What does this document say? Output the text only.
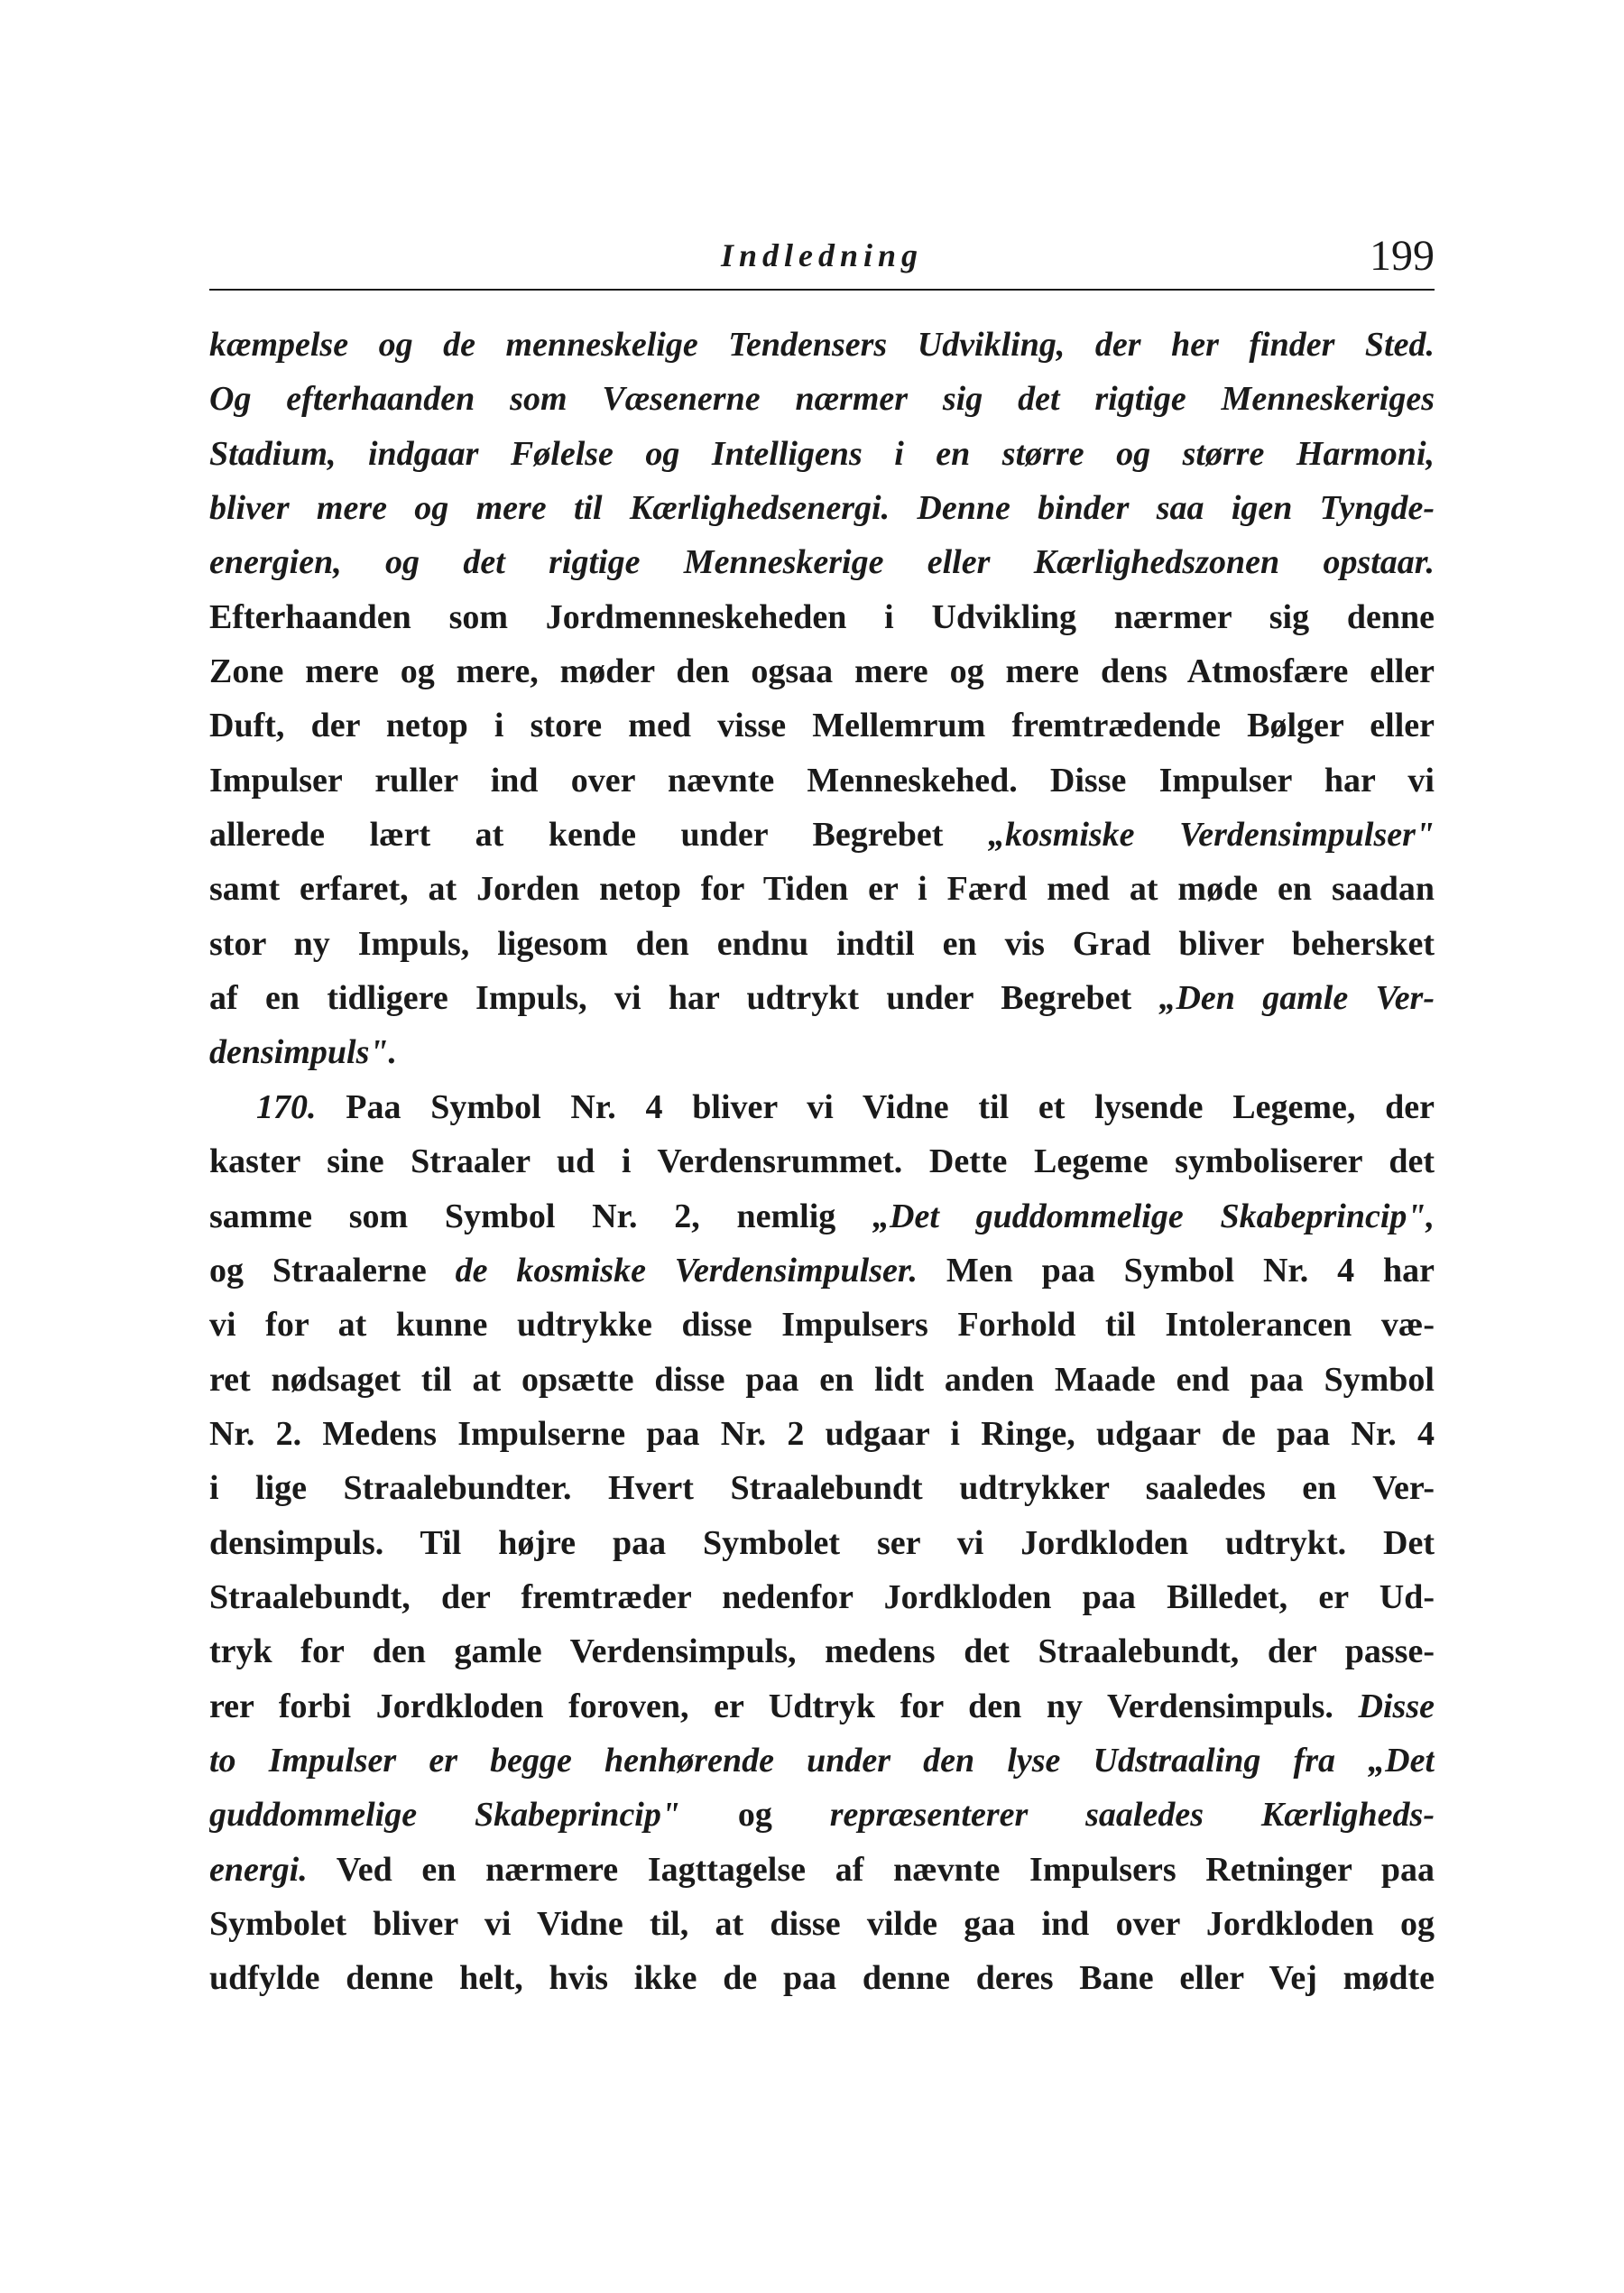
Indledning	199
kæmpelse og de menneskelige Tendensers Udvikling, der her finder Sted.
Og efterhaanden som Væsenerne nærmer sig det rigtige Menneskeriges
Stadium, indgaar Følelse og Intelligens i en større og større Harmoni,
bliver mere og mere til Kærlighedsenergi. Denne binder saa igen Tyngde-
energien, og det rigtige Menneskerige eller Kærlighedszonen opstaar.
Efterhaanden som Jordmenneskeheden i Udvikling nærmer sig denne
Zone mere og mere, møder den ogsaa mere og mere dens Atmosfære eller
Duft, der netop i store med visse Mellemrum fremtrædende Bølger eller
Impulser ruller ind over nævnte Menneskehed. Disse Impulser har vi
allerede lært at kende under Begrebet „kosmiske Verdensimpulser"
samt erfaret, at Jorden netop for Tiden er i Færd med at møde en saadan
stor ny Impuls, ligesom den endnu indtil en vis Grad bliver behersket
af en tidligere Impuls, vi har udtrykt under Begrebet „Den gamle Ver-
densimpuls".
170. Paa Symbol Nr. 4 bliver vi Vidne til et lysende Legeme, der
kaster sine Straaler ud i Verdensrummet. Dette Legeme symboliserer det
samme som Symbol Nr. 2, nemlig „Det guddommelige Skabeprincip",
og Straalerne de kosmiske Verdensimpulser. Men paa Symbol Nr. 4 har
vi for at kunne udtrykke disse Impulsers Forhold til Intolerancen væ-
ret nødsaget til at opsætte disse paa en lidt anden Maade end paa Symbol
Nr. 2. Medens Impulserne paa Nr. 2 udgaar i Ringe, udgaar de paa Nr. 4
i lige Straalebundter. Hvert Straalebundt udtrykker saaledes en Ver-
densimpuls. Til højre paa Symbolet ser vi Jordkloden udtrykt. Det
Straalebundt, der fremtræder nedenfor Jordkloden paa Billedet, er Ud-
tryk for den gamle Verdensimpuls, medens det Straalebundt, der passe-
rer forbi Jordkloden foroven, er Udtryk for den ny Verdensimpuls. Disse
to Impulser er begge henhørende under den lyse Udstraaling fra „Det
guddommelige Skabeprincip" og repræsenterer saaledes Kærligheds-
energi. Ved en nærmere Iagttagelse af nævnte Impulsers Retninger paa
Symbolet bliver vi Vidne til, at disse vilde gaa ind over Jordkloden og
udfylde denne helt, hvis ikke de paa denne deres Bane eller Vej mødte
